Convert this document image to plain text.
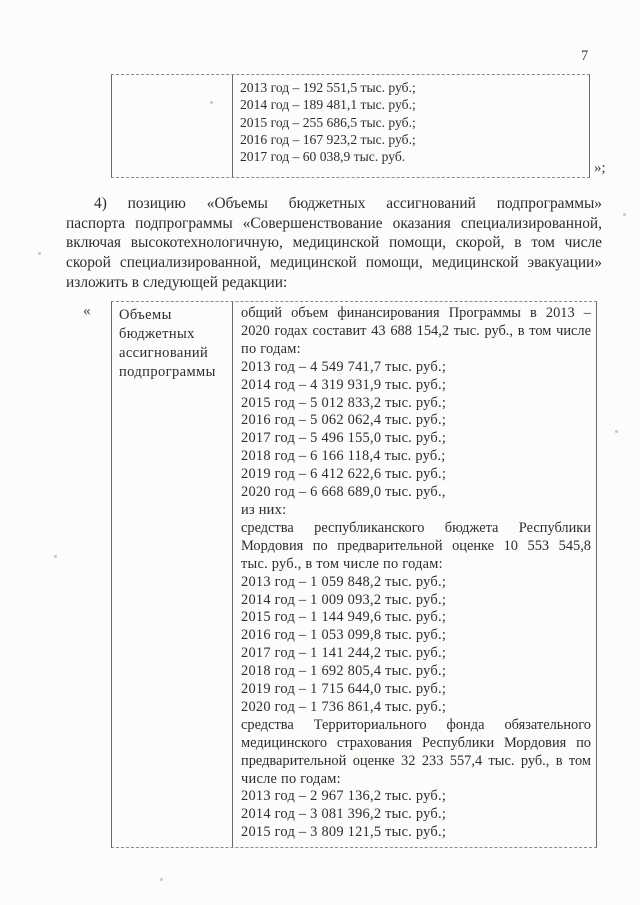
7
2013 год – 192 551,5 тыс. руб.;
2014 год – 189 481,1 тыс. руб.;
2015 год – 255 686,5 тыс. руб.;
2016 год – 167 923,2 тыс. руб.;
2017 год – 60 038,9 тыс. руб.
»;
4) позицию «Объемы бюджетных ассигнований подпрограммы»
паспорта подпрограммы «Совершенствование оказания специализированной,
включая высокотехнологичную, медицинской помощи, скорой, в том числе
скорой специализированной, медицинской помощи, медицинской эвакуации»
изложить в следующей редакции:
« Объемы
бюджетных
ассигнований
подпрограммы
общий объем финансирования Программы в 2013 –
2020 годах составит 43 688 154,2 тыс. руб., в том числе
по годам:
2013 год – 4 549 741,7 тыс. руб.;
2014 год – 4 319 931,9 тыс. руб.;
2015 год – 5 012 833,2 тыс. руб.;
2016 год – 5 062 062,4 тыс. руб.;
2017 год – 5 496 155,0 тыс. руб.;
2018 год – 6 166 118,4 тыс. руб.;
2019 год – 6 412 622,6 тыс. руб.;
2020 год – 6 668 689,0 тыс. руб.,
из них:
средства республиканского бюджета Республики
Мордовия по предварительной оценке 10 553 545,8
тыс. руб., в том числе по годам:
2013 год – 1 059 848,2 тыс. руб.;
2014 год – 1 009 093,2 тыс. руб.;
2015 год – 1 144 949,6 тыс. руб.;
2016 год – 1 053 099,8 тыс. руб.;
2017 год – 1 141 244,2 тыс. руб.;
2018 год – 1 692 805,4 тыс. руб.;
2019 год – 1 715 644,0 тыс. руб.;
2020 год – 1 736 861,4 тыс. руб.;
средства Территориального фонда обязательного
медицинского страхования Республики Мордовия по
предварительной оценке 32 233 557,4 тыс. руб., в том
числе по годам:
2013 год – 2 967 136,2 тыс. руб.;
2014 год – 3 081 396,2 тыс. руб.;
2015 год – 3 809 121,5 тыс. руб.;
